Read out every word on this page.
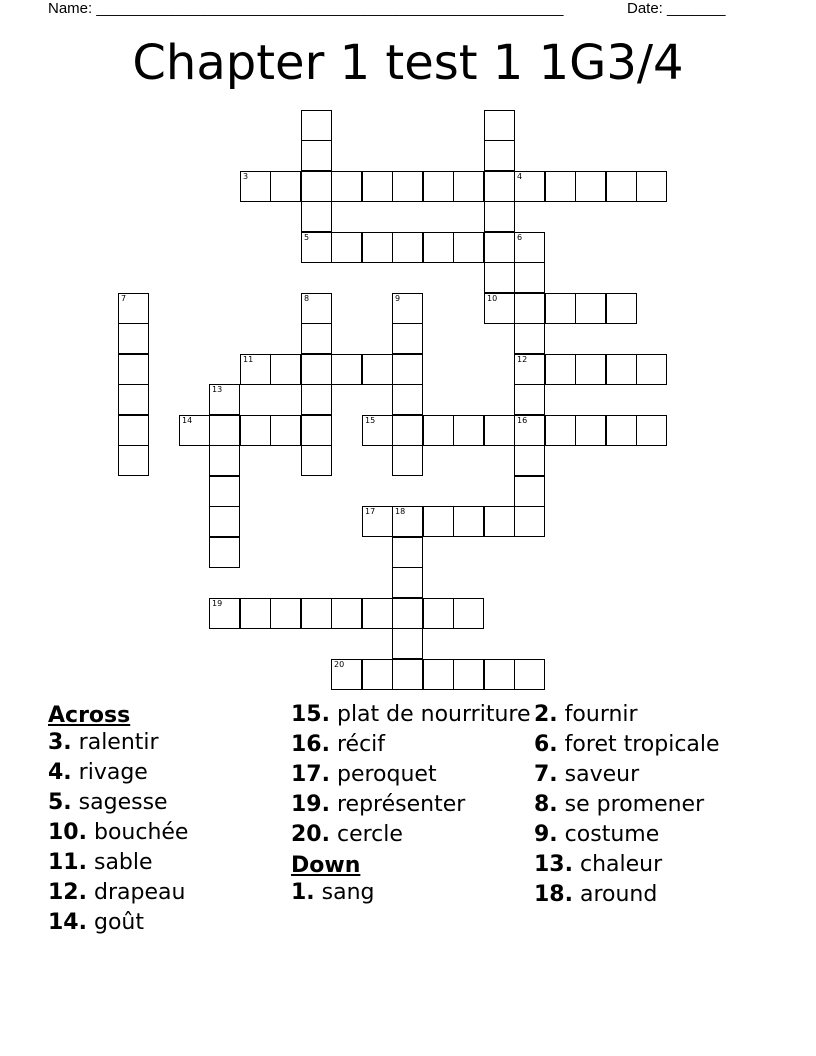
Name: ________________________________________________________	Date: _______
Chapter 1 test 1 1G3/4
10
3	4
5	6
12
16
7	8	9
11
13
14	15
17 18
19
20
Across
3. ralentir
4. rivage
5. sagesse
10. bouchée
11. sable
12. drapeau
14. goût
15. plat de nourriture
16. récif
17. peroquet
19. représenter
20. cercle
Down
1. sang
2. fournir
6. foret tropicale
7. saveur
8. se promener
9. costume
13. chaleur
18. around
